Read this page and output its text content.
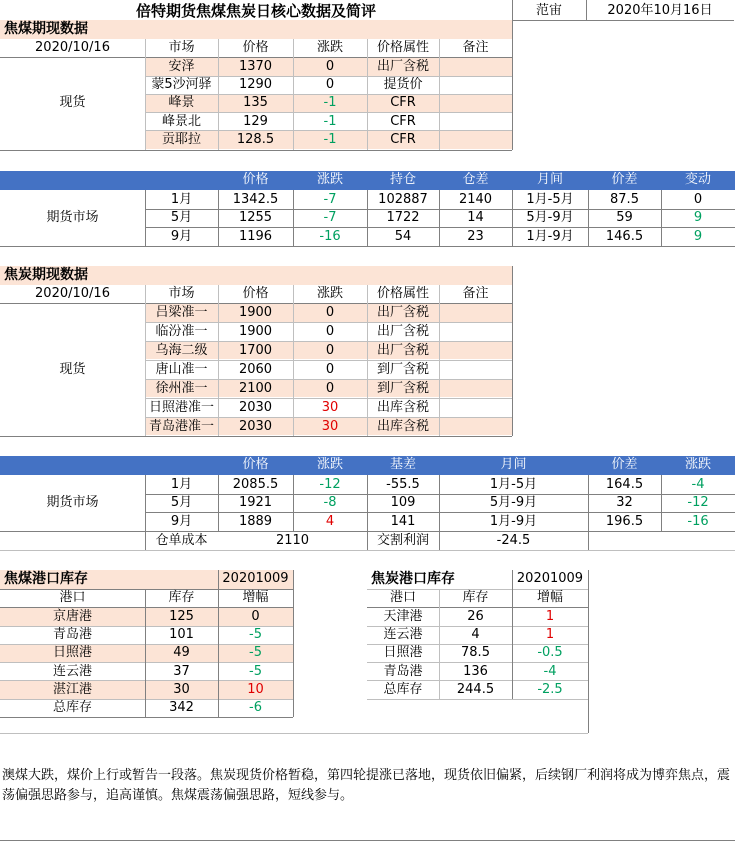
倍特期货焦煤焦炭日核心数据及简评	范宙	2020年10月16日
焦煤期现数据
2020/10/16	市场	价格	涨跌	价格属性	备注
现货
安泽	1370	0	出厂含税
蒙5沙河驿	1290	0	提货价
峰景	135	-1	CFR
峰景北	129	-1	CFR
贡耶拉	128.5	-1	CFR
价格	涨跌	持仓	仓差	月间	价差	变动
期货市场
1月	1342.5	-7	102887	2140	1月-5月	87.5	0
5月	1255	-7	1722	14	5月-9月	59	9
9月	1196	-16	54	23	1月-9月	146.5	9
焦炭期现数据
2020/10/16	市场	价格	涨跌	价格属性	备注
现货
吕梁准一	1900	0	出厂含税
临汾准一	1900	0	出厂含税
乌海二级	1700	0	出厂含税
唐山准一	2060	0	到厂含税
徐州准一	2100	0	到厂含税
日照港准一	2030	30	出库含税
青岛港准一	2030	30	出库含税
价格	涨跌	基差	月间	价差	涨跌
期货市场
1月	2085.5	-12	-55.5	1月-5月	164.5	-4
5月	1921	-8	109	5月-9月	32	-12
9月	1889	4	141	1月-9月	196.5	-16
仓单成本	2110	交割利润	-24.5
焦煤港口库存	20201009
港口	库存	增幅
京唐港	125	0
青岛港	101	-5
日照港	49	-5
连云港	37	-5
湛江港	30	10
总库存	342	-6
焦炭港口库存	20201009
港口	库存	增幅
天津港	26	1
连云港	4	1
日照港	78.5	-0.5
青岛港	136	-4
总库存	244.5	-2.5
澳煤大跌，煤价上行或暂告一段落。焦炭现货价格暂稳，第四轮提涨已落地，现货依旧偏紧，后续钢厂利润将成为博弈焦点，震荡偏强思路参与，追高谨慎。焦煤震荡偏强思路，短线参与。
